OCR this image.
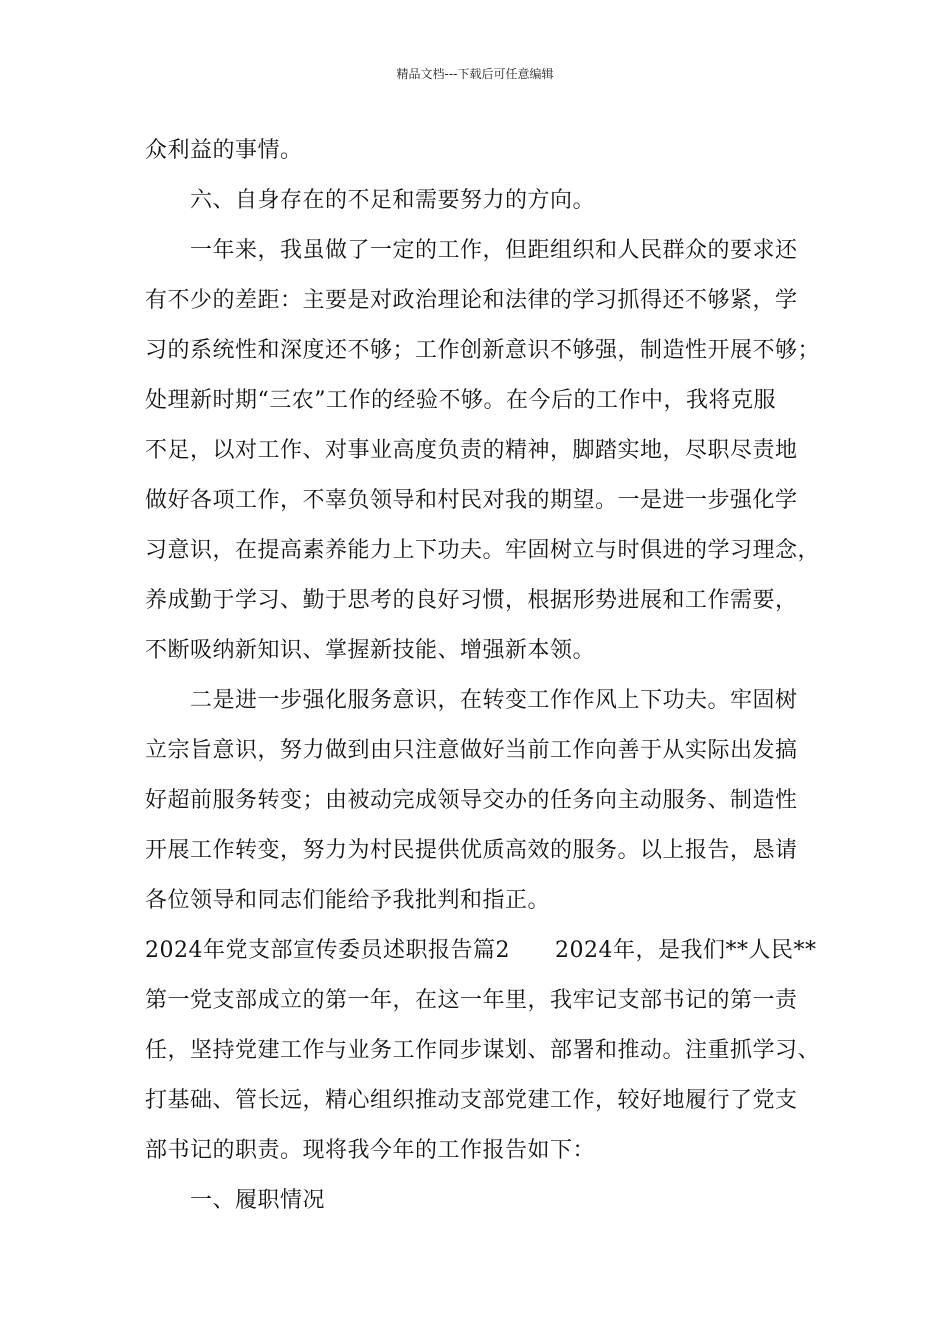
精品文档---下载后可任意编辑
众利益的事情。
六、自身存在的不足和需要努力的方向。
一年来，我虽做了一定的工作，但距组织和人民群众的要求还
有不少的差距：主要是对政治理论和法律的学习抓得还不够紧，学
习的系统性和深度还不够；工作创新意识不够强，制造性开展不够；
处理新时期“三农”工作的经验不够。在今后的工作中，我将克服
不足，以对工作、对事业高度负责的精神，脚踏实地，尽职尽责地
做好各项工作，不辜负领导和村民对我的期望。一是进一步强化学
习意识，在提高素养能力上下功夫。牢固树立与时俱进的学习理念，
养成勤于学习、勤于思考的良好习惯，根据形势进展和工作需要，
不断吸纳新知识、掌握新技能、增强新本领。
二是进一步强化服务意识，在转变工作作风上下功夫。牢固树
立宗旨意识，努力做到由只注意做好当前工作向善于从实际出发搞
好超前服务转变；由被动完成领导交办的任务向主动服务、制造性
开展工作转变，努力为村民提供优质高效的服务。以上报告，恳请
各位领导和同志们能给予我批判和指正。
2024年党支部宣传委员述职报告篇2　　2024年，是我们**人民**
第一党支部成立的第一年，在这一年里，我牢记支部书记的第一责
任，坚持党建工作与业务工作同步谋划、部署和推动。注重抓学习、
打基础、管长远，精心组织推动支部党建工作，较好地履行了党支
部书记的职责。现将我今年的工作报告如下：
一、履职情况
